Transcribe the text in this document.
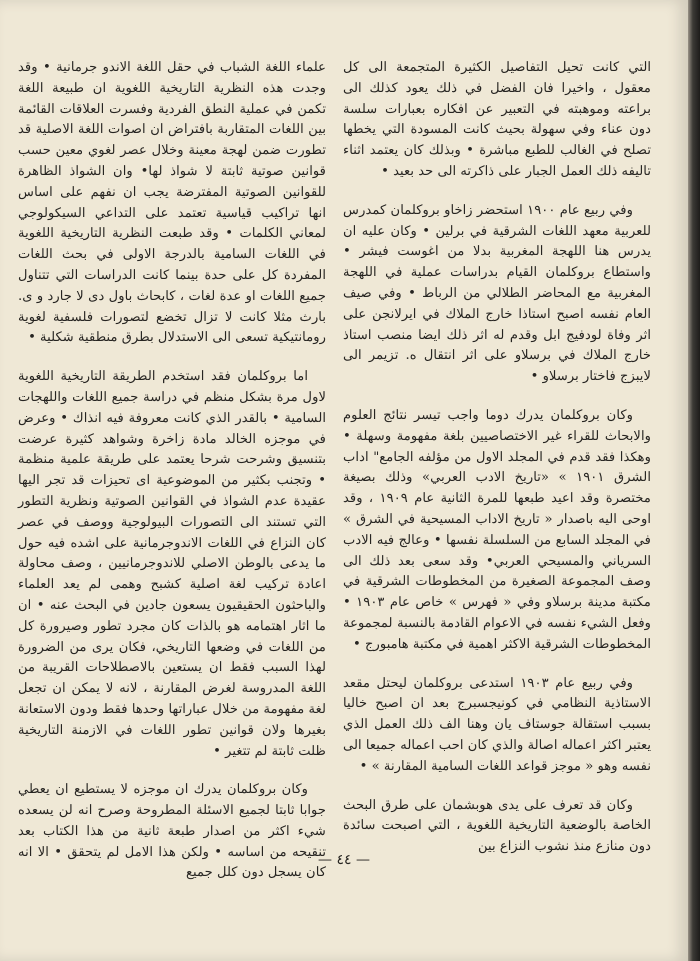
التي كانت تحيل التفاصيل الكثيرة المتجمعة الى كل معقول ، واخيرا فان الفضل في ذلك يعود كذلك الى براعته وموهبته في التعبير عن افكاره بعبارات سلسة دون عناء وفي سهولة بحيث كانت المسودة التي يخطها تصلح في الغالب للطبع مباشرة • وبذلك كان يعتمد اثناء تاليفه ذلك العمل الجبار على ذاكرته الى حد بعيد •

وفي ربيع عام ١٩٠٠ استحضر زاخاو بروكلمان كمدرس للعربية معهد اللغات الشرقية في برلين • وكان عليه ان يدرس هنا اللهجة المغربية بدلا من اغوست فيشر • واستطاع بروكلمان القيام بدراسات عملية في اللهجة المغربية مع المحاضر الطلالي من الرباط • وفي صيف العام نفسه اصبح استاذا خارج الملاك في ايرلانجن على اثر وفاة لودفيج ابل وقدم له اثر ذلك ايضا منصب استاذ خارج الملاك في برسلاو على اثر انتقال ه. تزيمر الى لايبزج فاختار برسلاو •

وكان بروكلمان يدرك دوما واجب تيسر نتائج العلوم والابحاث للقراء غير الاختصاصيين بلغة مفهومة وسهلة • وهكذا فقد قدم في المجلد الاول من مؤلفه الجامع" اداب الشرق ١٩٠١ » «تاريخ الادب العربي» وذلك بصيغة مختصرة وقد اعيد طبعها للمرة الثانية عام ١٩٠٩ ، وقد اوحى اليه باصدار « تاريخ الاداب المسيحية في الشرق » في المجلد السابع من السلسلة نفسها • وعالج فيه الادب السرياني والمسيحي العربي• وقد سعى بعد ذلك الى وصف المجموعة الصغيرة من المخطوطات الشرقية في مكتبة مدينة برسلاو وفي « فهرس » خاص عام ١٩٠٣ • وفعل الشيء نفسه في الاعوام القادمة بالنسبة لمجموعة المخطوطات الشرقية الاكثر اهمية في مكتبة هامبورج •

وفي ربيع عام ١٩٠٣ استدعى بروكلمان ليحتل مقعد الاستاذية النظامي في كونيجسبرج بعد ان اصبح خاليا بسبب استقالة جوستاف يان وهنا الف ذلك العمل الذي يعتبر اكثر اعماله اصالة والذي كان احب اعماله جميعا الى نفسه وهو « موجز قواعد اللغات السامية المقارنة » •

وكان قد تعرف على يدى هوبشمان على طرق البحث الخاصة بالوضعية التاريخية اللغوية ، التي اصبحت سائدة دون منازع منذ نشوب النزاع بين

علماء اللغة الشباب في حقل اللغة الاندو جرمانية • وقد وجدت هذه النظرية التاريخية اللغوية ان طبيعة اللغة تكمن في عملية النطق الفردية وفسرت العلاقات القائمة بين اللغات المتقاربة بافتراض ان اصوات اللغة الاصلية قد تطورت ضمن لهجة معينة وخلال عصر لغوي معين حسب قوانين صوتية ثابتة لا شواذ لها• وان الشواذ الظاهرة للقوانين الصوتية المفترضة يجب ان نفهم على اساس انها تراكيب قياسية تعتمد على التداعي السيكولوجي لمعاني الكلمات • وقد طبعت النظرية التاريخية اللغوية في اللغات السامية بالدرجة الاولى في بحث اللغات المفردة كل على حدة بينما كانت الدراسات التي تتناول جميع اللغات او عدة لغات ، كابحاث باول دى لا جارد و ى. بارث مثلا كانت لا تزال تخضع لتصورات فلسفية لغوية رومانتيكية تسعى الى الاستدلال بطرق منطقية شكلية •

اما بروكلمان فقد استخدم الطريقة التاريخية اللغوية لاول مرة بشكل منظم في دراسة جميع اللغات واللهجات السامية • بالقدر الذي كانت معروفة فيه انذاك • وعرض في موجزه الخالد مادة زاخرة وشواهد كثيرة عرضت بتنسيق وشرحت شرحا يعتمد على طريقة علمية منظمة • وتجنب بكثير من الموضوعية اى تحيزات قد تجر اليها عقيدة عدم الشواذ في القوانين الصوتية ونظرية التطور التي تستند الى التصورات البيولوجية ووصف في عصر كان النزاع في اللغات الاندوجرمانية على اشده فيه حول ما يدعى بالوطن الاصلي للاندوجرمانيين ، وصف محاولة اعادة تركيب لغة اصلية كشبح وهمى لم يعد العلماء والباحثون الحقيقيون يسعون جادين في البحث عنه • ان ما اثار اهتمامه هو بالذات كان مجرد تطور وصيرورة كل من اللغات في وضعها التاريخي، فكان يرى من الضرورة لهذا السبب فقط ان يستعين بالاصطلاحات القريبة من اللغة المدروسة لغرض المقارنة ، لانه لا يمكن ان تجعل لغة مفهومة من خلال عباراتها وحدها فقط ودون الاستعانة بغيرها ولان قوانين تطور اللغات في الازمنة التاريخية ظلت ثابتة لم تتغير •

وكان بروكلمان يدرك ان موجزه لا يستطيع ان يعطي جوابا ثابتا لجميع الاسئلة المطروحة وصرح انه لن يسعده شيء اكثر من اصدار طبعة ثانية من هذا الكتاب بعد تنقيحه من اساسه • ولكن هذا الامل لم يتحقق • الا انه كان يسجل دون كلل جميع

— ٤٤ —
